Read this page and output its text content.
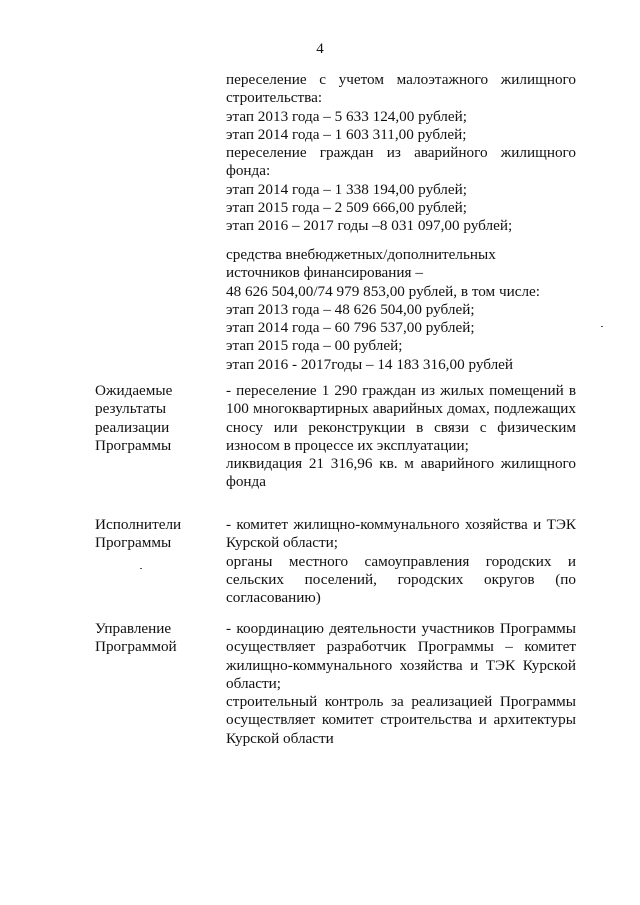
4
переселение с учетом малоэтажного жилищного
строительства:
этап 2013 года – 5 633 124,00 рублей;
этап 2014 года – 1 603 311,00 рублей;
переселение граждан из аварийного жилищного
фонда:
этап 2014 года – 1 338 194,00 рублей;
этап 2015 года – 2 509 666,00 рублей;
этап 2016 – 2017 годы –8 031 097,00 рублей;
средства внебюджетных/дополнительных
источников финансирования –
48 626 504,00/74 979 853,00 рублей, в том числе:
этап 2013 года – 48 626 504,00 рублей;
этап 2014 года – 60 796 537,00 рублей;
этап 2015 года – 00 рублей;
этап 2016 - 2017годы – 14 183 316,00 рублей
Ожидаемые
результаты
реализации
Программы
- переселение 1 290 граждан из жилых помещений в
100 многоквартирных аварийных домах, подлежащих
сносу или реконструкции в связи с физическим
износом в процессе их эксплуатации;
ликвидация 21 316,96 кв. м аварийного жилищного
фонда
Исполнители
Программы
- комитет жилищно-коммунального хозяйства и ТЭК
Курской области;
органы местного самоуправления городских и
сельских поселений, городских округов (по
согласованию)
Управление
Программой
- координацию деятельности участников Программы
осуществляет разработчик Программы – комитет
жилищно-коммунального хозяйства и ТЭК Курской
области;
строительный контроль за реализацией Программы
осуществляет комитет строительства и архитектуры
Курской области
